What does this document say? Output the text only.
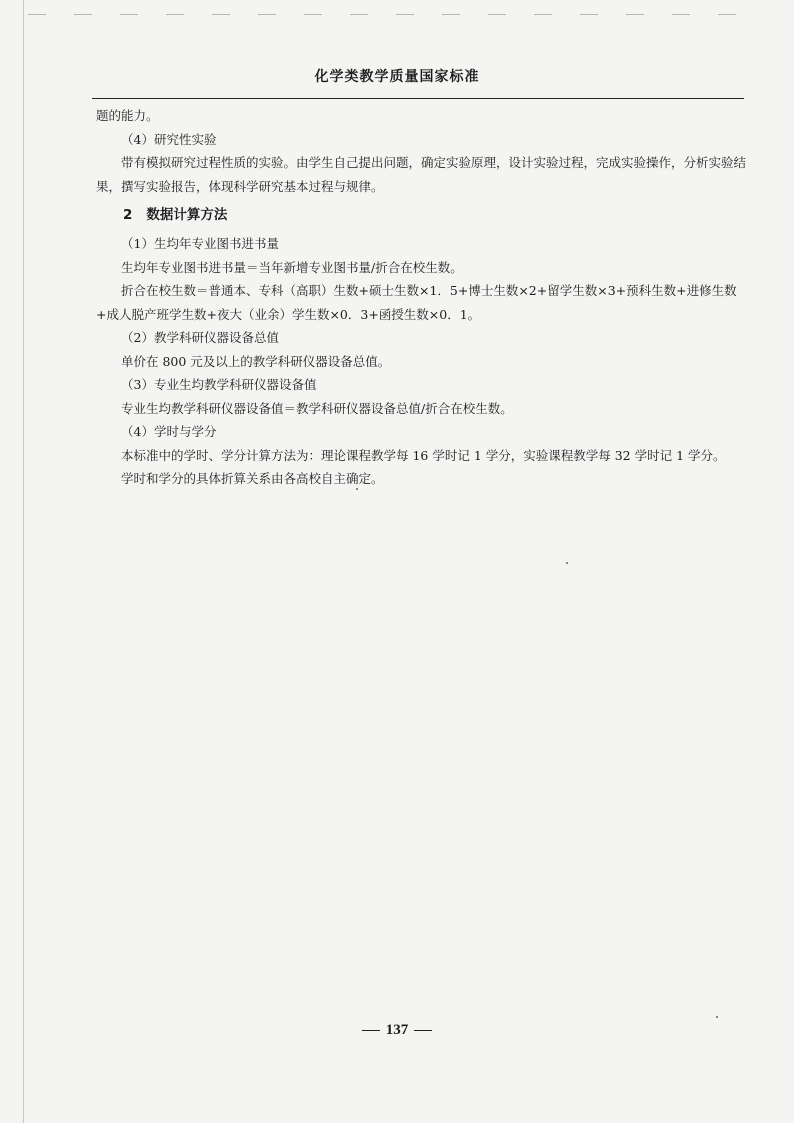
化学类教学质量国家标准

题的能力。

（4）研究性实验

带有模拟研究过程性质的实验。由学生自己提出问题，确定实验原理，设计实验过程，完成实验操作，分析实验结果，撰写实验报告，体现科学研究基本过程与规律。

2 数据计算方法

（1）生均年专业图书进书量

生均年专业图书进书量＝当年新增专业图书量/折合在校生数。

折合在校生数＝普通本、专科（高职）生数+硕士生数×1．5+博士生数×2+留学生数×3+预科生数+进修生数+成人脱产班学生数+夜大（业余）学生数×0．3+函授生数×0．1。

（2）教学科研仪器设备总值

单价在 800 元及以上的教学科研仪器设备总值。

（3）专业生均教学科研仪器设备值

专业生均教学科研仪器设备值＝教学科研仪器设备总值/折合在校生数。

（4）学时与学分

本标准中的学时、学分计算方法为：理论课程教学每 16 学时记 1 学分，实验课程教学每 32 学时记 1 学分。

学时和学分的具体折算关系由各高校自主确定。

137
